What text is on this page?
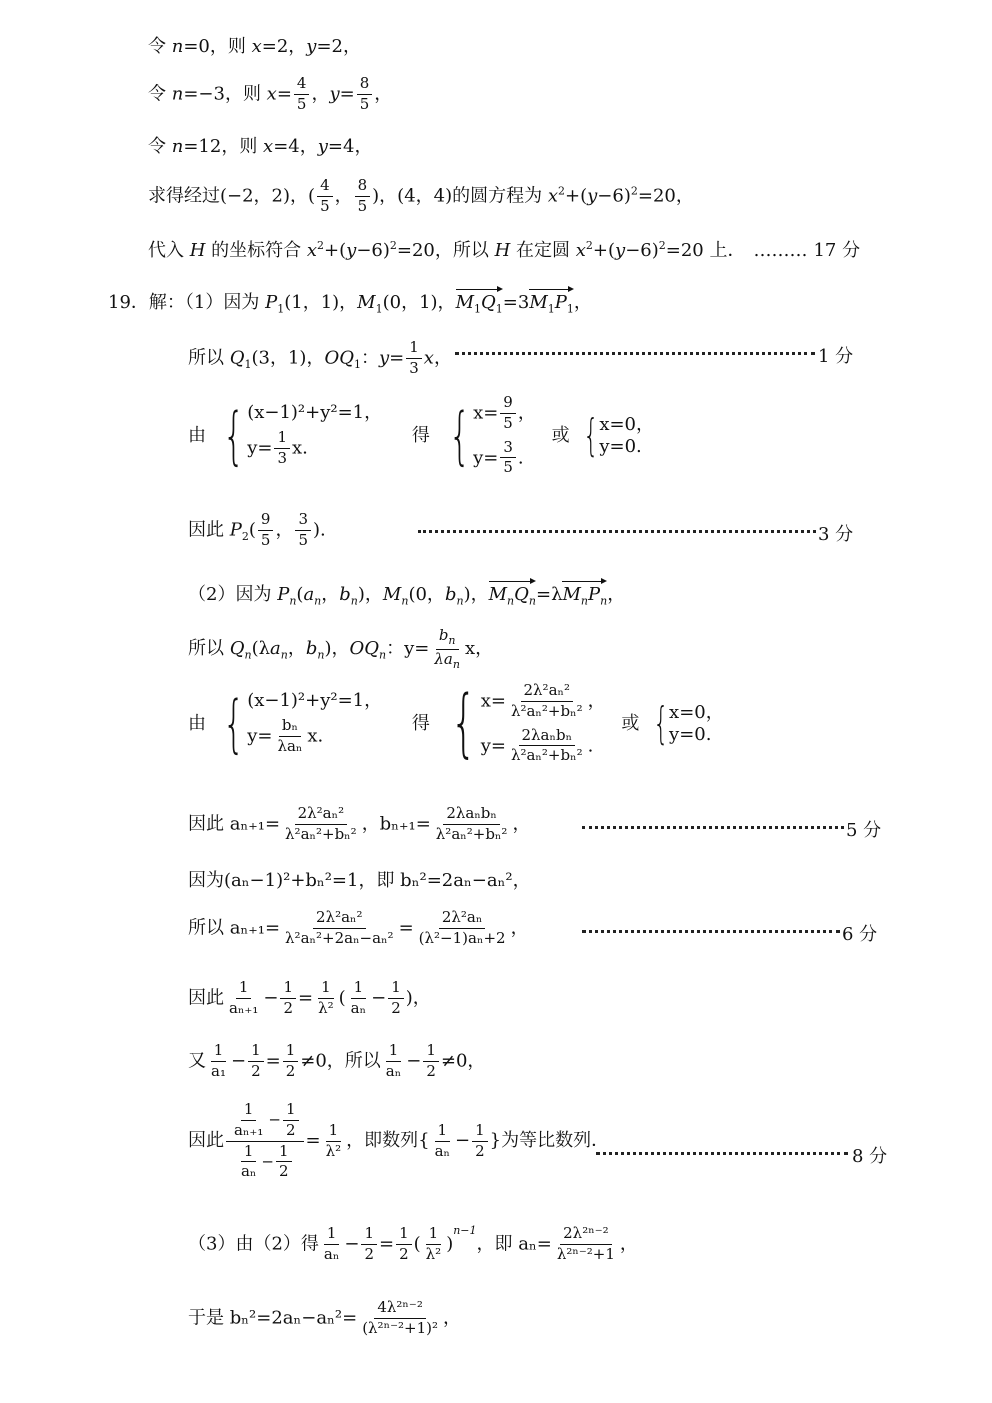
令 n=0，则 x=2，y=2，
令 n=−3，则 $x= \frac{4}{5}$ ，$y= \frac{8}{5}$ ，
令 n=12，则 x=4，y=4，
求得经过(−2，2)，( $\frac{4}{5}$ ， $\frac{8}{5}$ )，(4，4)的圆方程为 $x^2+(y-6)^2=20$，
代入 H 的坐标符合 $x^2+(y-6)^2=20$，所以 H 在定圆 $x^2+(y-6)^2=20$ 上． ……… 17 分
19．解：（1）因为 $P_1(1$，1)，$M_1(0$，1)，$M_1Q_1=3M_1P_1$，
所以 $Q_1(3$，1)，$OQ_1$：$y= \frac{1}{3}$ x，	1 分
由 { (x−1)²+y²=1，
$y= \frac{1}{3} x$.
得 { $x= \frac{9}{5}$ ，
$y= \frac{3}{5}$ .
或 { x=0，
y=0.
因此 $P_2( \frac{9}{5}$ ， $\frac{3}{5}$ ).	3 分
（2）因为 $P_n(a_n$，$b_n$)，$M_n(0$，$b_n$)，$M_nQ_n=\lambda M_nP_n$，
所以 $Q_n(\lambda a_n$，$b_n$)，$OQ_n$：$y= \frac{b_n}{\lambda a_n}$ x，
由 { (x−1)²+y²=1，
$y= \frac{\text{bₙ}}{\text{λaₙ}} x$.
得 { $x= \frac{\text{2λ²aₙ²}}{\text{λ²aₙ²+bₙ²}}$ ，
$y= \frac{\text{2λaₙbₙ}}{\text{λ²aₙ²+bₙ²}}$ .
或 { x=0，
y=0.
因此 $a_{n+1}= \frac{\text{2λ²aₙ²}}{\text{λ²aₙ²+bₙ²}}$ ，$b_{n+1}= \frac{\text{2λaₙbₙ}}{\text{λ²aₙ²+bₙ²}}$ ，	5 分
因为(aₙ−1)²+bₙ²=1，即 bₙ²=2aₙ−aₙ²，
所以 $a_{n+1}= \frac{\text{2λ²aₙ²}}{\text{λ²aₙ²+2aₙ−aₙ²}} = \frac{\text{2λ²aₙ}}{\text{(λ²−1)aₙ+2}}$ ，	6 分
因此 $\frac{1}{\text{aₙ₊₁}} - \frac{1}{2} = \frac{1}{\text{λ²}}$ ( $\frac{1}{\text{aₙ}} - \frac{1}{2}$ )，
又 $\frac{1}{\text{a₁}} - \frac{1}{2} = \frac{1}{2} \ne 0$，所以 $\frac{1}{\text{aₙ}} - \frac{1}{2} \ne 0$，
因此 $\frac{\frac{1}{\text{aₙ₊₁}} - \frac{1}{2}}{\frac{1}{\text{aₙ}} - \frac{1}{2}} = \frac{1}{\text{λ²}}$ ，即数列{ $\frac{1}{\text{aₙ}} - \frac{1}{2}$ }为等比数列．
8 分
（3）由（2）得 $\frac{1}{\text{aₙ}} - \frac{1}{2} = \frac{1}{2}$ ( $\frac{1}{\text{λ²}} )^{n-1}$，即 $a_n= \frac{\text{2λ²ⁿ⁻²}}{\text{λ²ⁿ⁻²+1}}$ ，
于是 $b_n^2=2a_n-a_n^2= \frac{\text{4λ²ⁿ⁻²}}{\text{(λ²ⁿ⁻²+1)²}}$ ，
